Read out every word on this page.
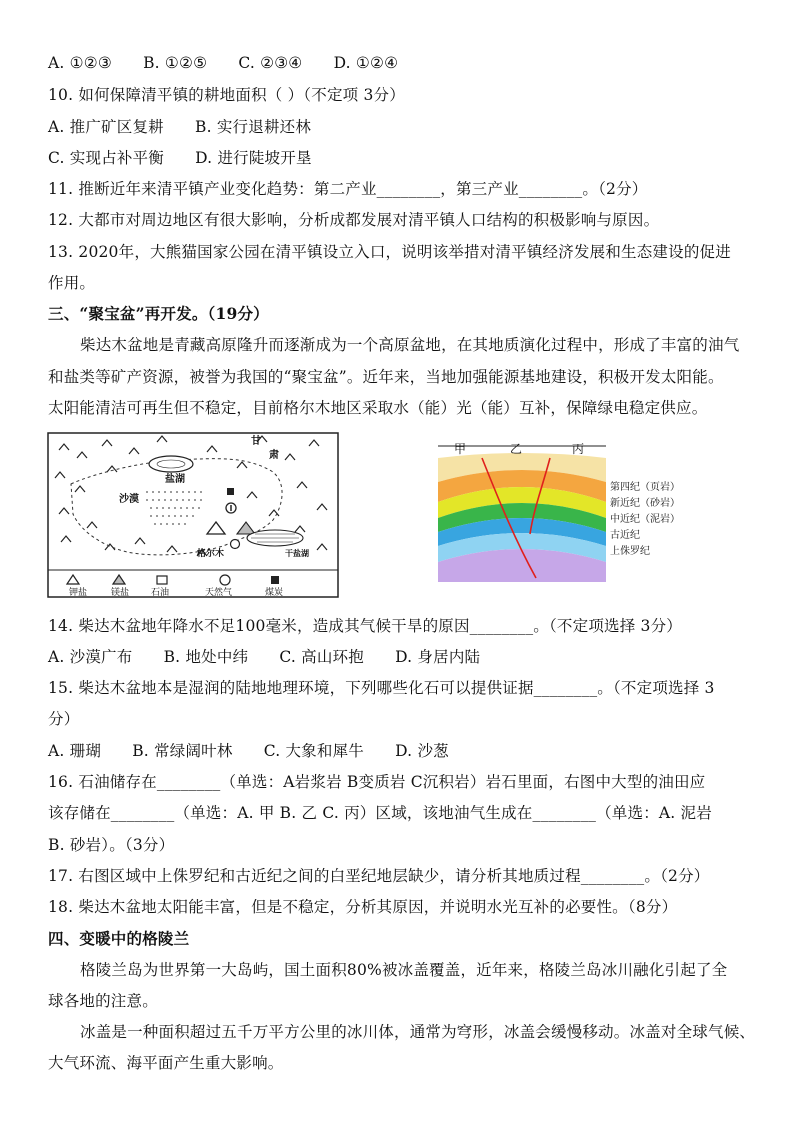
A. ①②③ B. ①②⑤ C. ②③④ D. ①②④
10. 如何保障清平镇的耕地面积（ ）（不定项 3分）
A. 推广矿区复耕 B. 实行退耕还林
C. 实现占补平衡 D. 进行陡坡开垦
11. 推断近年来清平镇产业变化趋势：第二产业________，第三产业________。（2分）
12. 大都市对周边地区有很大影响，分析成都发展对清平镇人口结构的积极影响与原因。
13. 2020年，大熊猫国家公园在清平镇设立入口，说明该举措对清平镇经济发展和生态建设的促进
作用。
三、“聚宝盆”再开发。（19分）
柴达木盆地是青藏高原隆升而逐渐成为一个高原盆地，在其地质演化过程中，形成了丰富的油气
和盐类等矿产资源，被誉为我国的“聚宝盆”。近年来，当地加强能源基地建设，积极开发太阳能。
太阳能清洁可再生但不稳定，目前格尔木地区采取水（能）光（能）互补，保障绿电稳定供应。
钾盐	镁盐 石油	天然气	煤炭
甘
肃
盐湖
沙漠
格尔木	干盐湖
甲	乙	丙
第四纪（页岩）
新近纪（砂岩）
中近纪（泥岩）
古近纪
上侏罗纪
14. 柴达木盆地年降水不足100毫米，造成其气候干旱的原因________。（不定项选择 3分）
A. 沙漠广布 B. 地处中纬 C. 高山环抱 D. 身居内陆
15. 柴达木盆地本是湿润的陆地地理环境，下列哪些化石可以提供证据________。（不定项选择 3
分）
A. 珊瑚 B. 常绿阔叶林 C. 大象和犀牛 D. 沙葱
16. 石油储存在________（单选：A岩浆岩 B变质岩 C沉积岩）岩石里面，右图中大型的油田应
该存储在________（单选：A. 甲 B. 乙 C. 丙）区域，该地油气生成在________（单选：A. 泥岩
B. 砂岩）。（3分）
17. 右图区域中上侏罗纪和古近纪之间的白垩纪地层缺少，请分析其地质过程________。（2分）
18. 柴达木盆地太阳能丰富，但是不稳定，分析其原因，并说明水光互补的必要性。（8分）
四、变暖中的格陵兰
格陵兰岛为世界第一大岛屿，国土面积80%被冰盖覆盖，近年来，格陵兰岛冰川融化引起了全
球各地的注意。
冰盖是一种面积超过五千万平方公里的冰川体，通常为穹形，冰盖会缓慢移动。冰盖对全球气候、
大气环流、海平面产生重大影响。
